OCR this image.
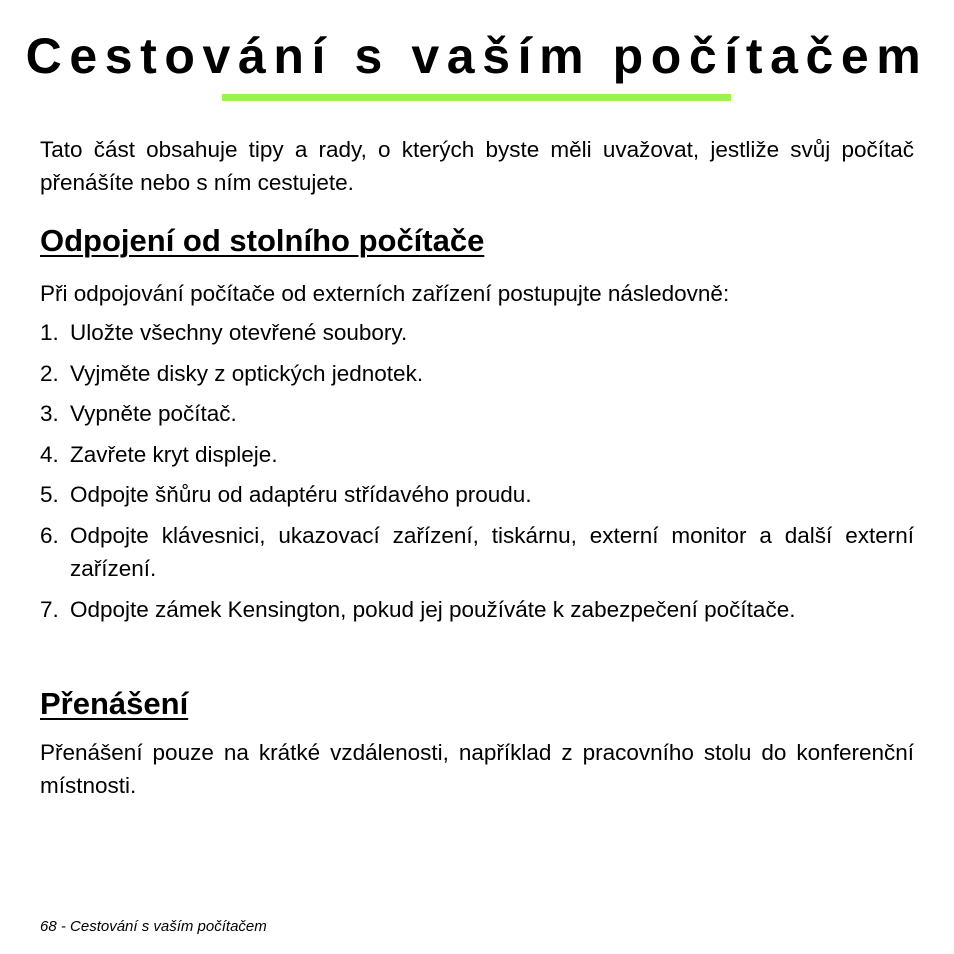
Cestování s vaším počítačem

Tato část obsahuje tipy a rady, o kterých byste měli uvažovat, jestliže svůj počítač přenášíte nebo s ním cestujete.

Odpojení od stolního počítače

Při odpojování počítače od externích zařízení postupujte následovně:

1. Uložte všechny otevřené soubory.
2. Vyjměte disky z optických jednotek.
3. Vypněte počítač.
4. Zavřete kryt displeje.
5. Odpojte šňůru od adaptéru střídavého proudu.
6. Odpojte klávesnici, ukazovací zařízení, tiskárnu, externí monitor a další externí zařízení.
7. Odpojte zámek Kensington, pokud jej používáte k zabezpečení počítače.
Přenášení

Přenášení pouze na krátké vzdálenosti, například z pracovního stolu do konferenční místnosti.

68 - Cestování s vaším počítačem
